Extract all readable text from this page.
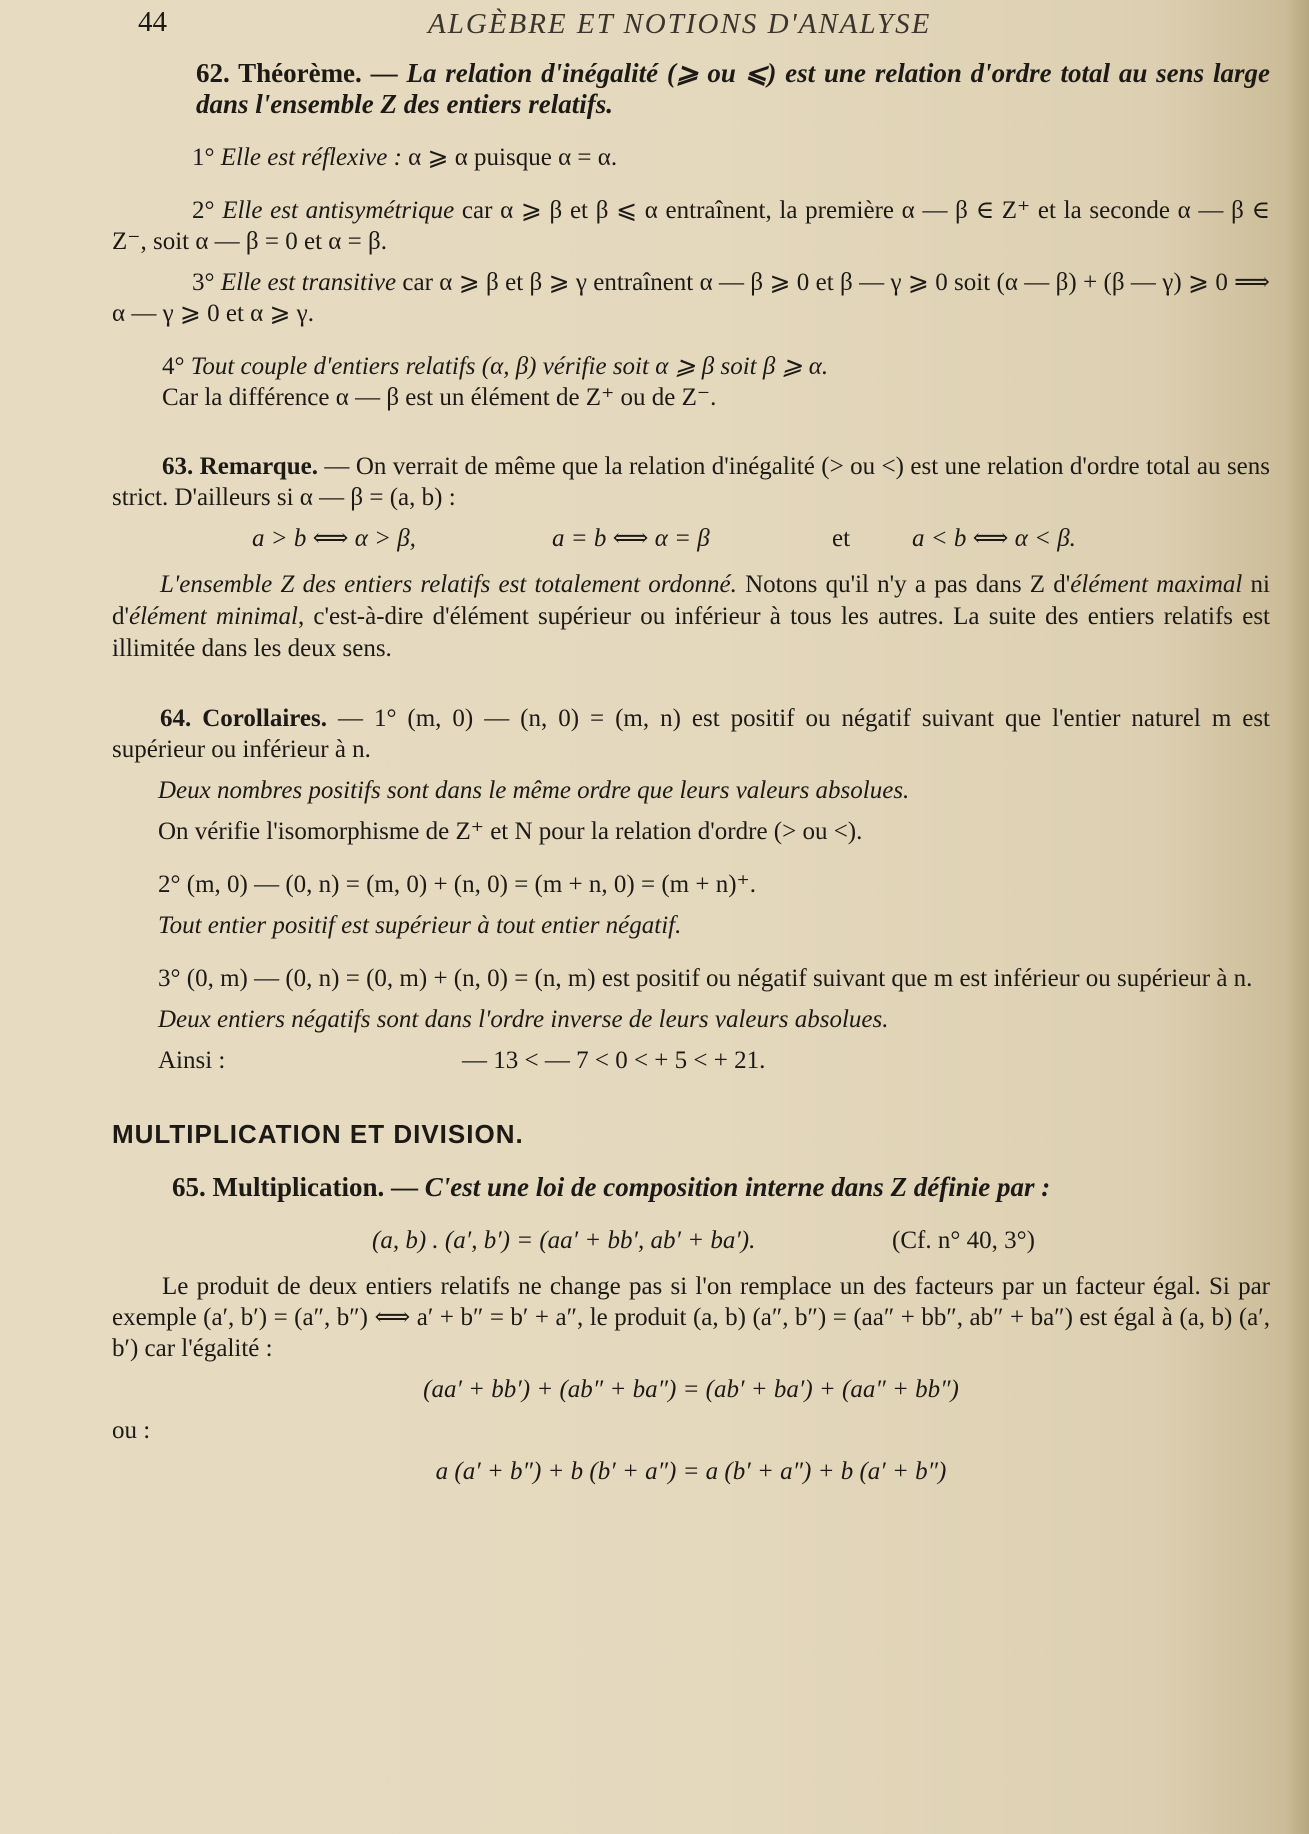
44	ALGÈBRE ET NOTIONS D'ANALYSE
62. Théorème. — La relation d'inégalité (⩾ ou ⩽) est une relation d'ordre total au sens large dans l'ensemble Z des entiers relatifs.
1° Elle est réflexive : α ⩾ α puisque α = α.
2° Elle est antisymétrique car α ⩾ β et β ⩽ α entraînent, la première α — β ∈ Z⁺ et la seconde α — β ∈ Z⁻, soit α — β = 0 et α = β.
3° Elle est transitive car α ⩾ β et β ⩾ γ entraînent α — β ⩾ 0 et β — γ ⩾ 0 soit (α — β) + (β — γ) ⩾ 0 ⟹ α — γ ⩾ 0 et α ⩾ γ.
4° Tout couple d'entiers relatifs (α, β) vérifie soit α ⩾ β soit β ⩾ α.
Car la différence α — β est un élément de Z⁺ ou de Z⁻.
63. Remarque. — On verrait de même que la relation d'inégalité (> ou <) est une relation d'ordre total au sens strict. D'ailleurs si α — β = (a, b) :
a > b ⟺ α > β,	a = b ⟺ α = β	et a < b ⟺ α < β.
L'ensemble Z des entiers relatifs est totalement ordonné. Notons qu'il n'y a pas dans Z d'élément maximal ni d'élément minimal, c'est-à-dire d'élément supérieur ou inférieur à tous les autres. La suite des entiers relatifs est illimitée dans les deux sens.
64. Corollaires. — 1° (m, 0) — (n, 0) = (m, n) est positif ou négatif suivant que l'entier naturel m est supérieur ou inférieur à n.
Deux nombres positifs sont dans le même ordre que leurs valeurs absolues.
On vérifie l'isomorphisme de Z⁺ et N pour la relation d'ordre (> ou <).
2° (m, 0) — (0, n) = (m, 0) + (n, 0) = (m + n, 0) = (m + n)⁺.
Tout entier positif est supérieur à tout entier négatif.
3° (0, m) — (0, n) = (0, m) + (n, 0) = (n, m) est positif ou négatif suivant que m est inférieur ou supérieur à n.
Deux entiers négatifs sont dans l'ordre inverse de leurs valeurs absolues.
Ainsi :	— 13 < — 7 < 0 < + 5 < + 21.
MULTIPLICATION ET DIVISION.
65. Multiplication. — C'est une loi de composition interne dans Z définie par :
(a, b) . (a′, b′) = (aa′ + bb′, ab′ + ba′).	(Cf. n° 40, 3°)
Le produit de deux entiers relatifs ne change pas si l'on remplace un des facteurs par un facteur égal. Si par exemple (a′, b′) = (a″, b″) ⟺ a′ + b″ = b′ + a″, le produit (a, b) (a″, b″) = (aa″ + bb″, ab″ + ba″) est égal à (a, b) (a′, b′) car l'égalité :
(aa′ + bb′) + (ab″ + ba″) = (ab′ + ba′) + (aa″ + bb″)
ou :
a (a′ + b″) + b (b′ + a″) = a (b′ + a″) + b (a′ + b″)
